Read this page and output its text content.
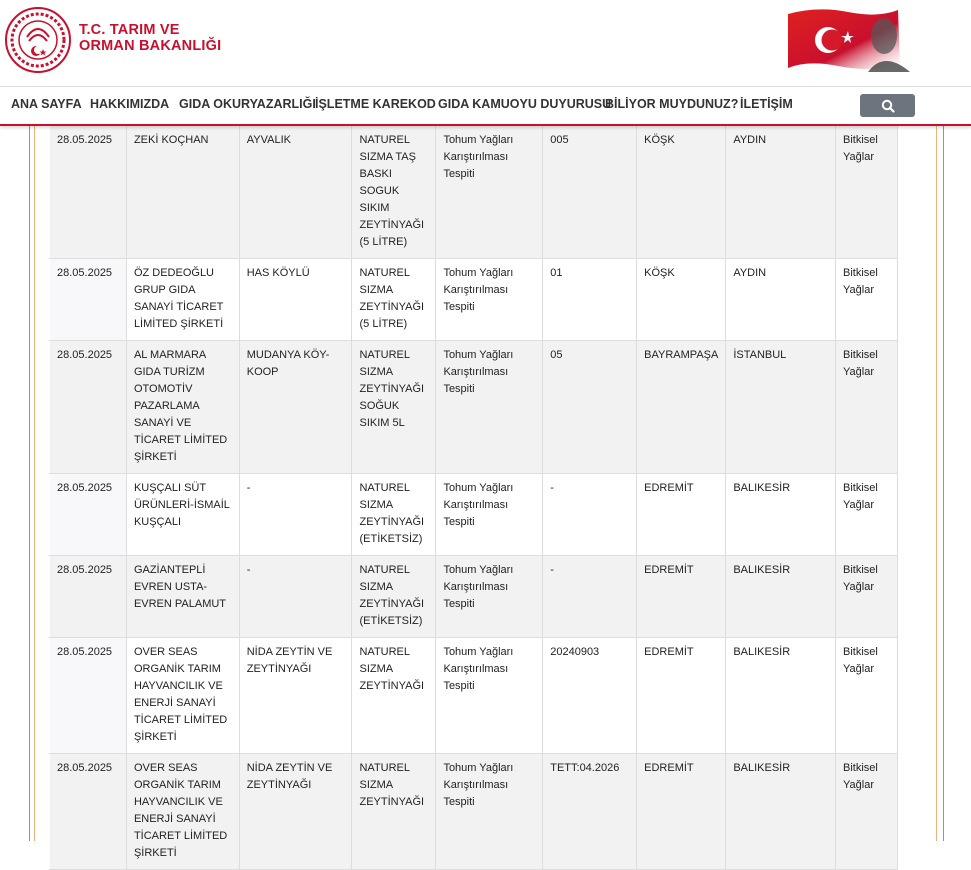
T.C. TARIM VE
ORMAN BAKANLIĞI
ANA SAYFA HAKKIMIZDA GIDA OKURYAZARLIĞI İŞLETME KAREKOD GIDA KAMUOYU DUYURUSU
BİLİYOR MUYDUNUZ? İLETİŞİM
28.05.2025	ZEKİ KOÇHAN	AYVALIK	NATUREL SIZMA TAŞ BASKI SOGUK SIKIM ZEYTİNYAĞI (5 LİTRE)	Tohum Yağları Karıştırılması Tespiti	005	KÖŞK	AYDIN	Bitkisel Yağlar
28.05.2025	ÖZ DEDEOĞLU GRUP GIDA SANAYİ TİCARET LİMİTED ŞİRKETİ	HAS KÖYLÜ	NATUREL SIZMA ZEYTİNYAĞI (5 LİTRE)	Tohum Yağları Karıştırılması Tespiti	01	KÖŞK	AYDIN	Bitkisel Yağlar
28.05.2025	AL MARMARA GIDA TURİZM OTOMOTİV PAZARLAMA SANAYİ VE TİCARET LİMİTED ŞİRKETİ	MUDANYA KÖY-KOOP	NATUREL SIZMA ZEYTİNYAĞI SOĞUK SIKIM 5L	Tohum Yağları Karıştırılması Tespiti	05	BAYRAMPAŞA	İSTANBUL	Bitkisel Yağlar
28.05.2025	KUŞÇALI SÜT ÜRÜNLERİ-İSMAİL KUŞÇALI	-	NATUREL SIZMA ZEYTİNYAĞI (ETİKETSİZ)	Tohum Yağları Karıştırılması Tespiti	-	EDREMİT	BALIKESİR	Bitkisel Yağlar
28.05.2025	GAZİANTEPLİ EVREN USTA-EVREN PALAMUT	-	NATUREL SIZMA ZEYTİNYAĞI (ETİKETSİZ)	Tohum Yağları Karıştırılması Tespiti	-	EDREMİT	BALIKESİR	Bitkisel Yağlar
28.05.2025	OVER SEAS ORGANİK TARIM HAYVANCILIK VE ENERJİ SANAYİ TİCARET LİMİTED ŞİRKETİ	NİDA ZEYTİN VE ZEYTİNYAĞI	NATUREL SIZMA ZEYTİNYAĞI	Tohum Yağları Karıştırılması Tespiti	20240903	EDREMİT	BALIKESİR	Bitkisel Yağlar
28.05.2025	OVER SEAS ORGANİK TARIM HAYVANCILIK VE ENERJİ SANAYİ TİCARET LİMİTED ŞİRKETİ	NİDA ZEYTİN VE ZEYTİNYAĞI	NATUREL SIZMA ZEYTİNYAĞI	Tohum Yağları Karıştırılması Tespiti	TETT:04.2026	EDREMİT	BALIKESİR	Bitkisel Yağlar
